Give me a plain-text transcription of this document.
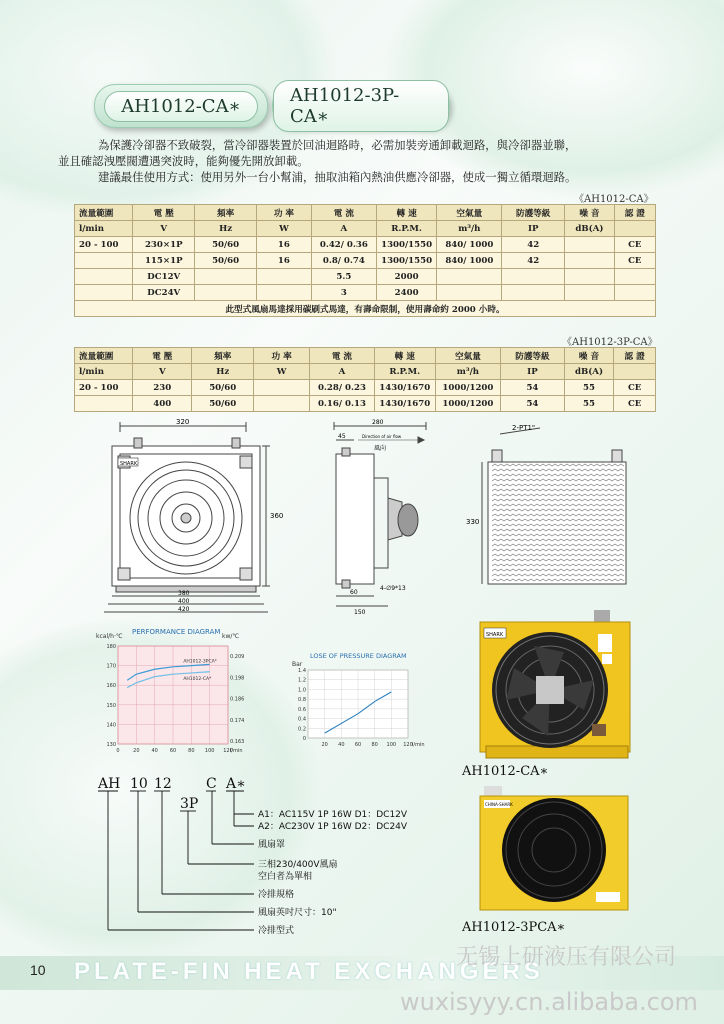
AH1012-CA∗	AH1012-3P-CA∗
為保護冷卻器不致破裂，當冷卻器裝置於回油迴路時，必需加裝旁通卸載迴路，與冷卻器並聯，
並且確認洩壓閥遭遇突波時，能夠優先開放卸載。
建議最佳使用方式：使用另外一台小幫浦，抽取油箱內熱油供應冷卻器，使成一獨立循環迴路。
《AH1012-CA》
流量範圍	電 壓	頻率	功 率	電 流	轉 速	空氣量	防護等級	噪 音	認 證
l/min	V	Hz	W	A	R.P.M.	m³/h	IP	dB(A)	
20 - 100	230×1P	50/60	16	0.42/ 0.36	1300/1550	840/ 1000	42		CE
	115×1P	50/60	16	0.8/ 0.74	1300/1550	840/ 1000	42		CE
	DC12V			5.5	2000				
	DC24V			3	2400				
此型式風扇馬達採用碳刷式馬達，有壽命限制，使用壽命約 2000 小時。									
《AH1012-3P-CA》
流量範圍	電 壓	頻率	功 率	電 流	轉 速	空氣量	防護等級	噪 音	認 證
l/min	V	Hz	W	A	R.P.M.	m³/h	IP	dB(A)	
20 - 100	230	50/60		0.28/ 0.23	1430/1670	1000/1200	54	55	CE
	400	50/60		0.16/ 0.13	1430/1670	1000/1200	54	55	CE
SHARK
320
360
380
400
420
280
45	Direction of air flow
風向
4-∅9*13
60
150
2-PT1"
330
PERFORMANCE DIAGRAM
kcal/h·℃	kw/℃
180
170
160
150
140
130
0.209
0.198
0.186
0.174
0.163
0	20 40 60 80 100 120
l/min
AH1012-3PCA*
AH1012-CA*
LOSE OF PRESSURE DIAGRAM
Bar
1.4
1.2
1.0
0.8
0.6
0.4
0.2
0
20 40 60 80 100 120 l/min
AH 10 12 C A∗
3P
A1：AC115V 1P 16W D1：DC12V
A2：AC230V 1P 16W D2：DC24V
風扇罩
三相230/400V風扇
空白者為單相
冷排規格
風扇英吋尺寸：10"
冷排型式
SHARK
AH1012-CA∗
CHINA-SHARK
AH1012-3PCA∗
10 PLATE-FIN HEAT EXCHANGERS
无锡上研液压有限公司
wuxisyyy.cn.alibaba.com
